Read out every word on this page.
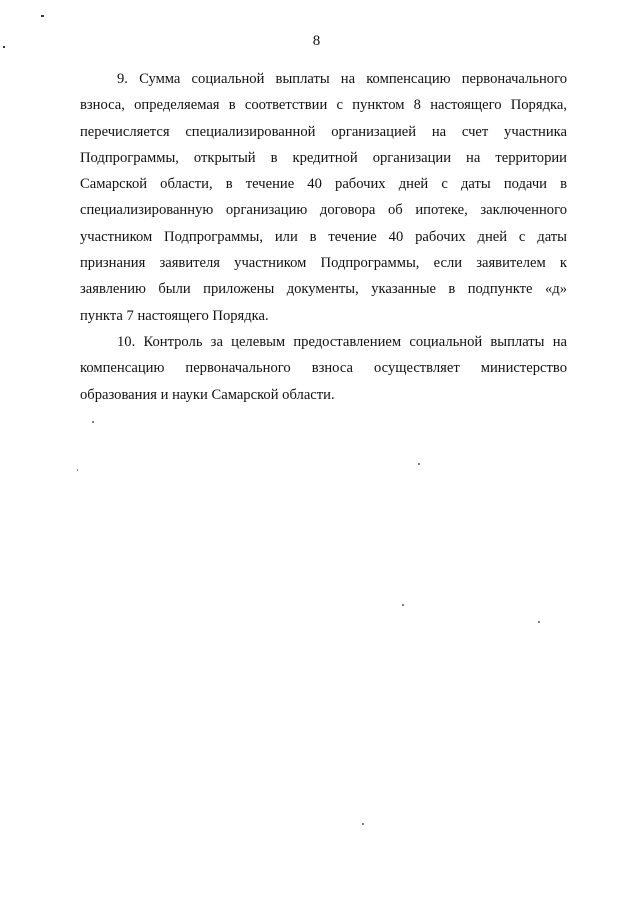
8
9. Сумма социальной выплаты на компенсацию первоначального
взноса, определяемая в соответствии с пунктом 8 настоящего Порядка,
перечисляется специализированной организацией на счет участника
Подпрограммы, открытый в кредитной организации на территории
Самарской области, в течение 40 рабочих дней с даты подачи в
специализированную организацию договора об ипотеке, заключенного
участником Подпрограммы, или в течение 40 рабочих дней с даты
признания заявителя участником Подпрограммы, если заявителем к
заявлению были приложены документы, указанные в подпункте «д»
пункта 7 настоящего Порядка.
10. Контроль за целевым предоставлением социальной выплаты на
компенсацию первоначального взноса осуществляет министерство
образования и науки Самарской области.
